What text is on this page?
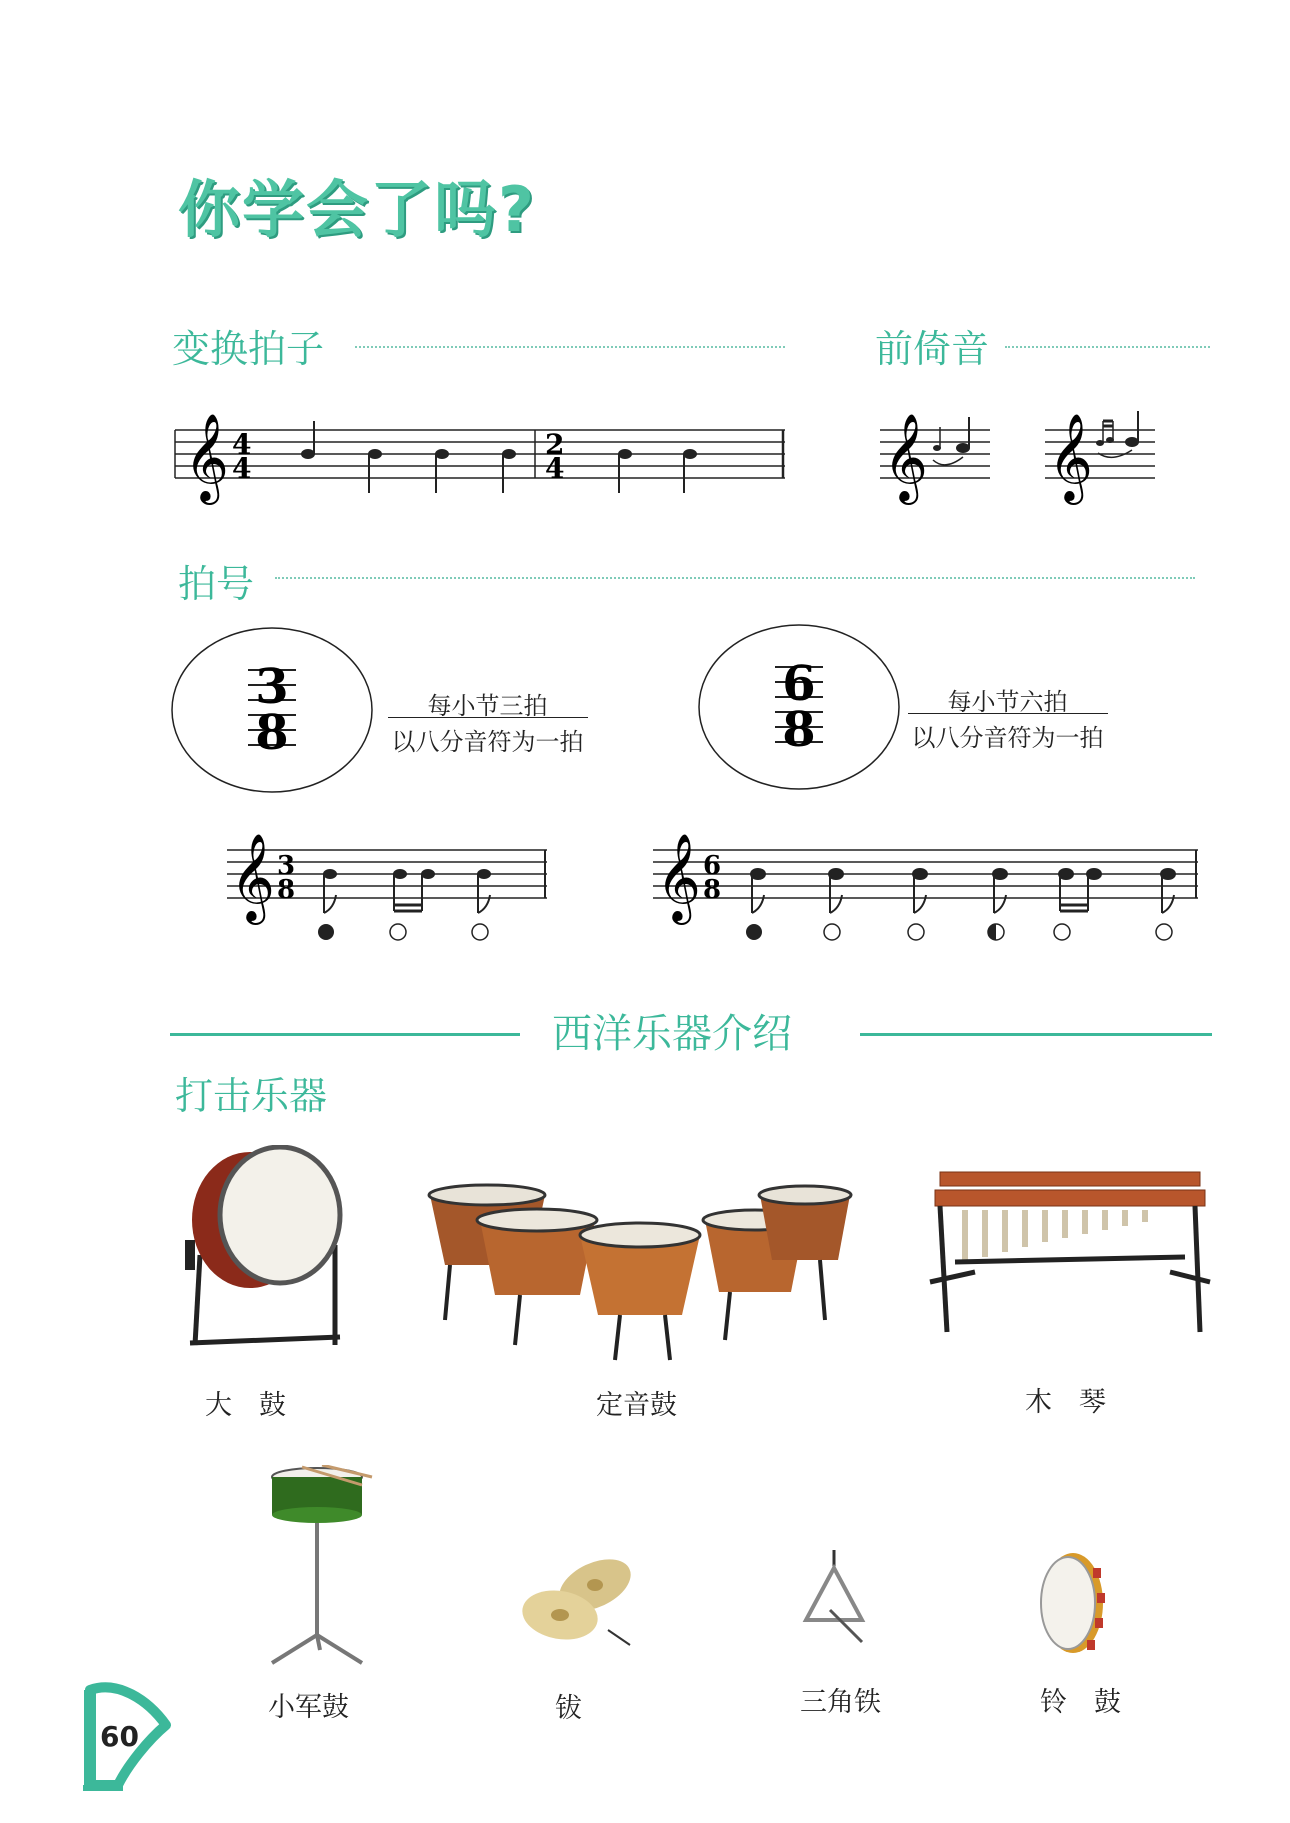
你学会了吗?
变换拍子	前倚音
𝄞 4
4
2
4	𝄞 𝄞
拍号
3
8	每小节三拍
以八分音符为一拍
6
8	每小节六拍
以八分音符为一拍
𝄞 3
8	𝄞 6
8
西洋乐器介绍
打击乐器
大　鼓	定音鼓	木　琴
小军鼓	钹	三角铁	铃　鼓
60
